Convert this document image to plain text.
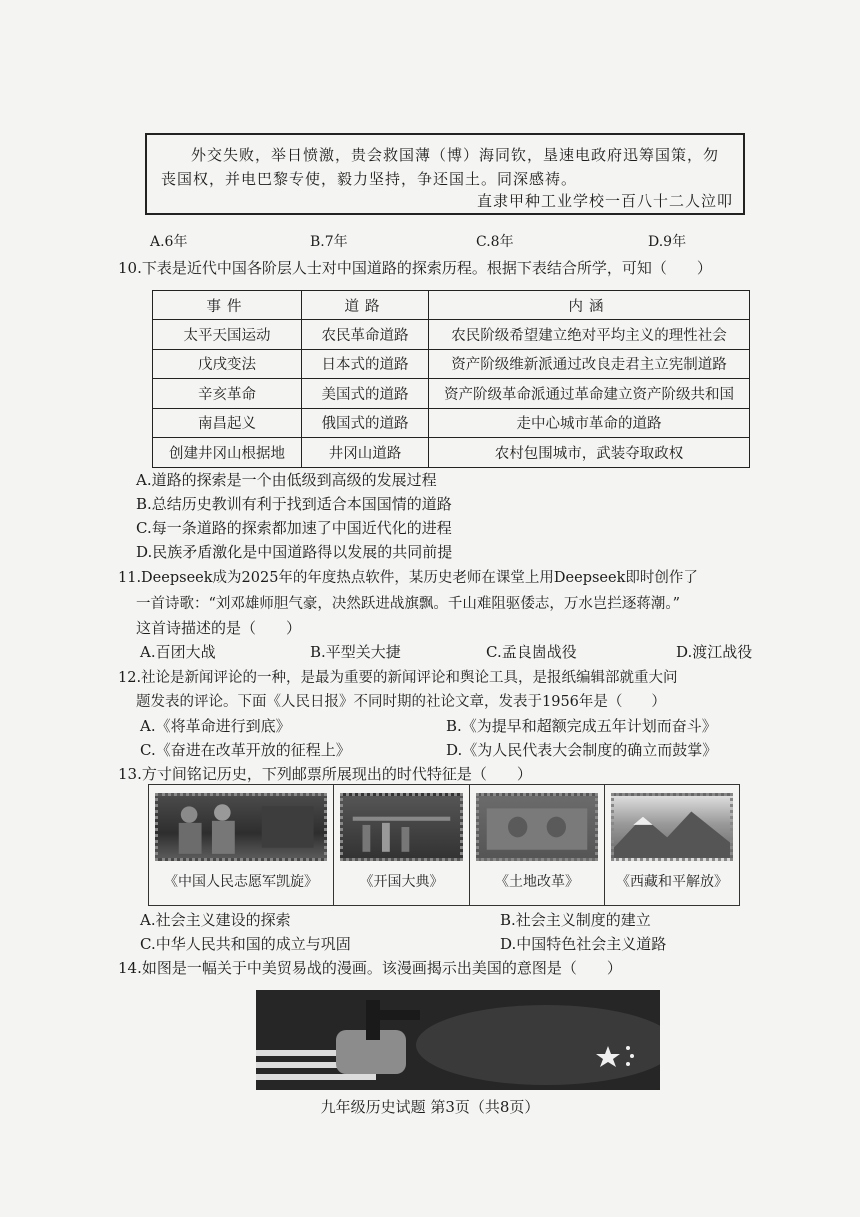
外交失败，举日愤激，贵会救国薄（博）海同钦，垦速电政府迅筹国策，勿
丧国权，并电巴黎专使，毅力坚持，争还国土。同深感祷。
直隶甲种工业学校一百八十二人泣叩
A.6年	B.7年	C.8年	D.9年
10.下表是近代中国各阶层人士对中国道路的探索历程。根据下表结合所学，可知（　　）
事件	道路	内涵
太平天国运动	农民革命道路	农民阶级希望建立绝对平均主义的理性社会
戊戌变法	日本式的道路	资产阶级维新派通过改良走君主立宪制道路
辛亥革命	美国式的道路	资产阶级革命派通过革命建立资产阶级共和国
南昌起义	俄国式的道路	走中心城市革命的道路
创建井冈山根据地	井冈山道路	农村包围城市，武装夺取政权
A.道路的探索是一个由低级到高级的发展过程
B.总结历史教训有利于找到适合本国国情的道路
C.每一条道路的探索都加速了中国近代化的进程
D.民族矛盾激化是中国道路得以发展的共同前提
11.Deepseek成为2025年的年度热点软件，某历史老师在课堂上用Deepseek即时创作了
一首诗歌：“刘邓雄师胆气豪，决然跃进战旗飘。千山难阻驱倭志，万水岂拦逐蒋潮。”
这首诗描述的是（　　）
A.百团大战	B.平型关大捷	C.孟良崮战役	D.渡江战役
12.社论是新闻评论的一种，是最为重要的新闻评论和舆论工具，是报纸编辑部就重大问
题发表的评论。下面《人民日报》不同时期的社论文章，发表于1956年是（　　）
A.《将革命进行到底》	B.《为提早和超额完成五年计划而奋斗》
C.《奋进在改革开放的征程上》	D.《为人民代表大会制度的确立而鼓掌》
13.方寸间铭记历史，下列邮票所展现出的时代特征是（　　）
《中国人民志愿军凯旋》	《开国大典》	《土地改革》	《西藏和平解放》
A.社会主义建设的探索	B.社会主义制度的建立
C.中华人民共和国的成立与巩固	D.中国特色社会主义道路
14.如图是一幅关于中美贸易战的漫画。该漫画揭示出美国的意图是（　　）
九年级历史试题 第3页（共8页）
